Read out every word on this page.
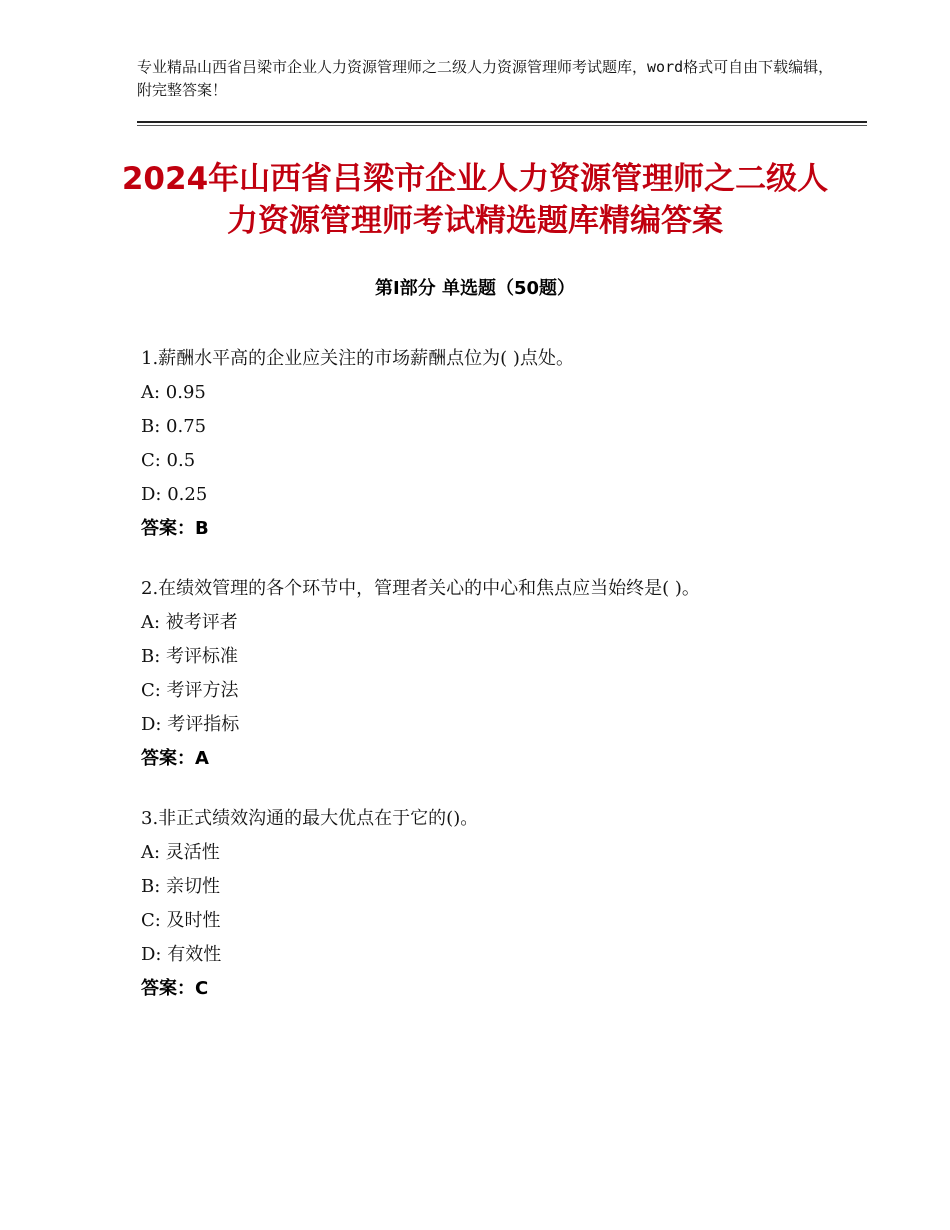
专业精品山西省吕梁市企业人力资源管理师之二级人力资源管理师考试题库，word格式可自由下载编辑，附完整答案！
2024年山西省吕梁市企业人力资源管理师之二级人力资源管理师考试精选题库精编答案
第Ⅰ部分 单选题（50题）

1.薪酬水平高的企业应关注的市场薪酬点位为( )点处。

A: 0.95
B: 0.75
C: 0.5
D: 0.25
答案：B

2.在绩效管理的各个环节中，管理者关心的中心和焦点应当始终是( )。

A: 被考评者
B: 考评标准
C: 考评方法
D: 考评指标
答案：A

3.非正式绩效沟通的最大优点在于它的()。

A: 灵活性
B: 亲切性
C: 及时性
D: 有效性
答案：C
